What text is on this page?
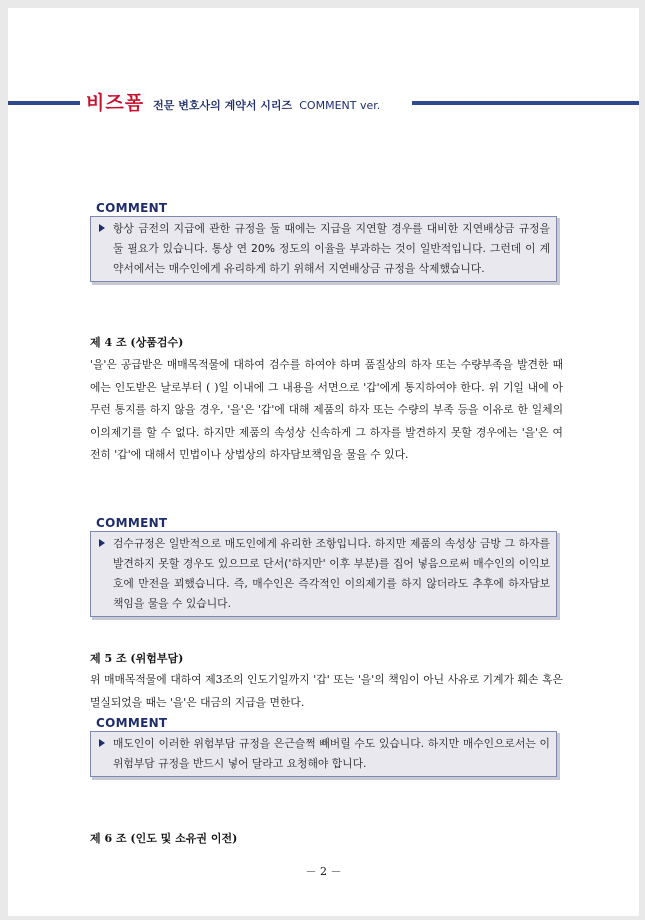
비즈폼 전문 변호사의 계약서 시리즈 COMMENT ver.
COMMENT
항상 금전의 지급에 관한 규정을 둘 때에는 지급을 지연할 경우를 대비한 지연배상금 규정을 둘 필요가 있습니다. 통상 연 20% 정도의 이율을 부과하는 것이 일반적입니다. 그런데 이 계약서에서는 매수인에게 유리하게 하기 위해서 지연배상금 규정을 삭제했습니다.
제 4 조 (상품검수)
'을'은 공급받은 매매목적물에 대하여 검수를 하여야 하며 품질상의 하자 또는 수량부족을 발견한 때에는 인도받은 날로부터 ( )일 이내에 그 내용을 서면으로 '갑'에게 통지하여야 한다. 위 기일 내에 아무런 통지를 하지 않을 경우, '을'은 '갑'에 대해 제품의 하자 또는 수량의 부족 등을 이유로 한 일체의 이의제기를 할 수 없다. 하지만 제품의 속성상 신속하게 그 하자를 발견하지 못할 경우에는 '을'은 여전히 '갑'에 대해서 민법이나 상법상의 하자담보책임을 물을 수 있다.
COMMENT
검수규정은 일반적으로 매도인에게 유리한 조항입니다. 하지만 제품의 속성상 금방 그 하자를 발견하지 못할 경우도 있으므로 단서('하지만' 이후 부분)를 집어 넣음으로써 매수인의 이익보호에 만전을 꾀했습니다. 즉, 매수인은 즉각적인 이의제기를 하지 않더라도 추후에 하자담보책임을 물을 수 있습니다.
제 5 조 (위험부담)
위 매매목적물에 대하여 제3조의 인도기일까지 '갑' 또는 '을'의 책임이 아닌 사유로 기계가 훼손 혹은 멸실되었을 때는 '을'은 대금의 지급을 면한다.
COMMENT
매도인이 이러한 위험부담 규정을 은근슬쩍 빼버릴 수도 있습니다. 하지만 매수인으로서는 이 위험부담 규정을 반드시 넣어 달라고 요청해야 합니다.
제 6 조 (인도 및 소유권 이전)
－ 2 －
